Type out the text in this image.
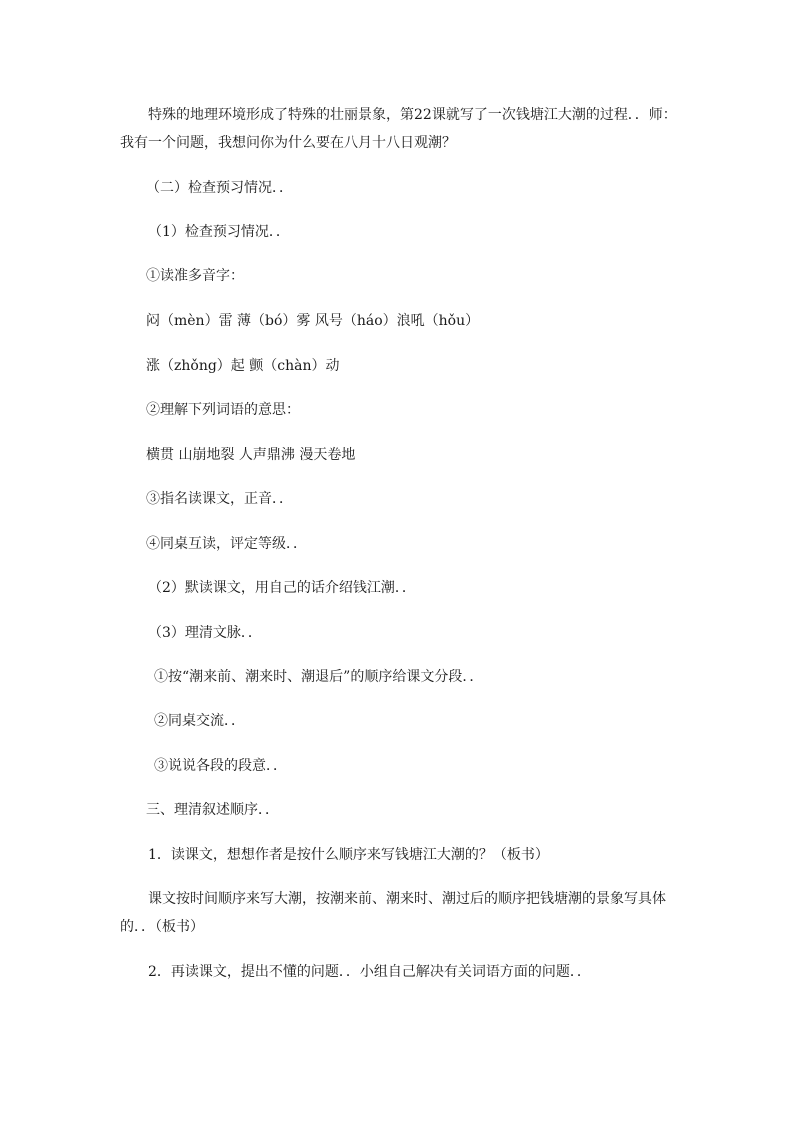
特殊的地理环境形成了特殊的壮丽景象，第22课就写了一次钱塘江大潮的过程．．师：我有一个问题，我想问你为什么要在八月十八日观潮？
（二）检查预习情况．．
（1）检查预习情况．．
①读准多音字：
闷（mèn）雷 薄（bó）雾 风号（háo）浪吼（hǒu）
涨（zhǒng）起 颤（chàn）动
②理解下列词语的意思：
横贯 山崩地裂 人声鼎沸 漫天卷地
③指名读课文，正音．．
④同桌互读，评定等级．．
（2）默读课文，用自己的话介绍钱江潮．．
（3）理清文脉．．
①按“潮来前、潮来时、潮退后”的顺序给课文分段．．
②同桌交流．．
③说说各段的段意．．
三、理清叙述顺序．．
1．读课文，想想作者是按什么顺序来写钱塘江大潮的？（板书）
课文按时间顺序来写大潮，按潮来前、潮来时、潮过后的顺序把钱塘潮的景象写具体的．．（板书）
2．再读课文，提出不懂的问题．．小组自己解决有关词语方面的问题．．
